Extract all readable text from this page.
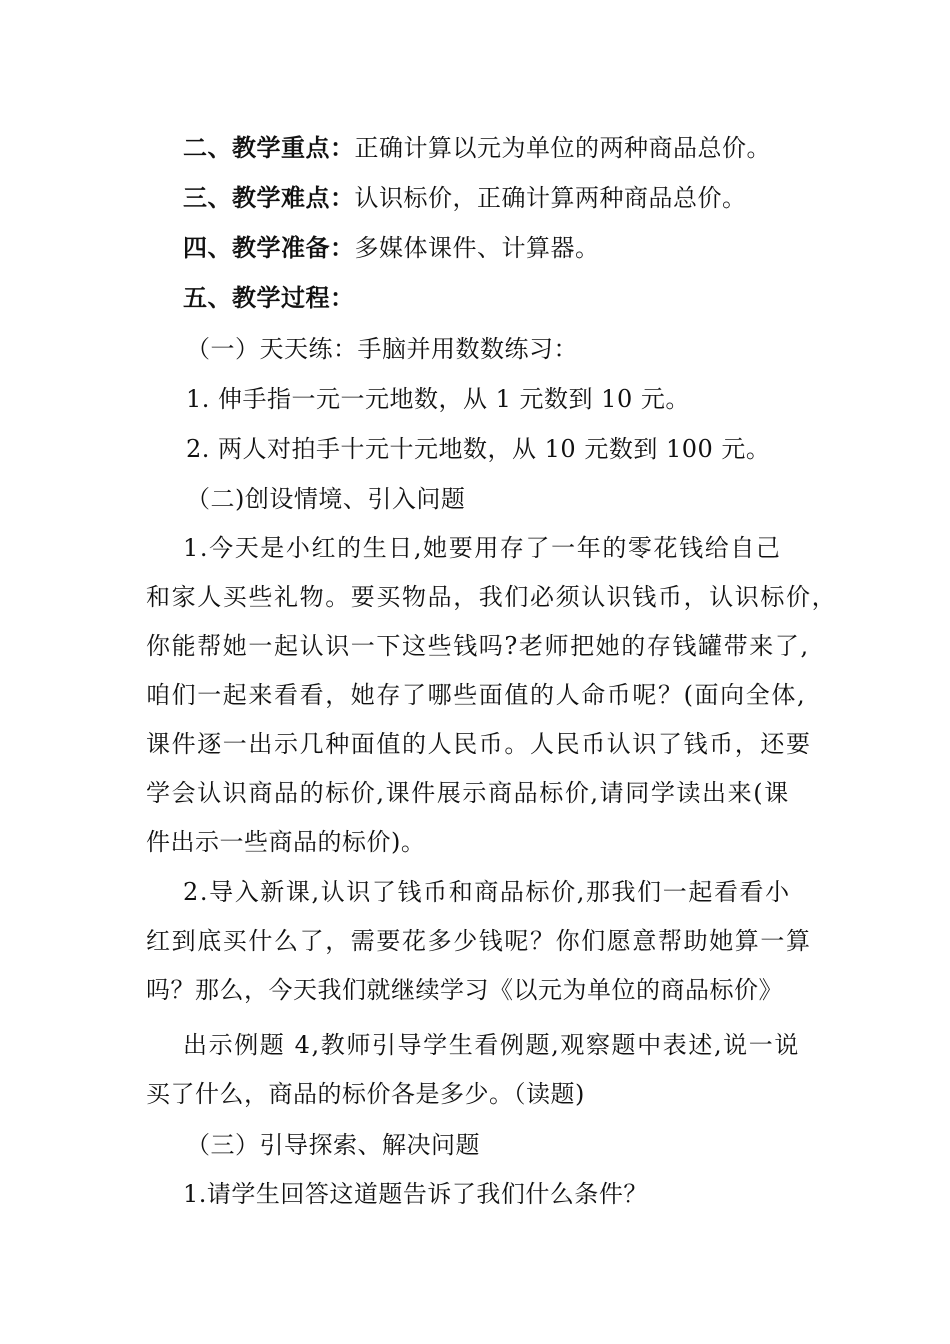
二、教学重点：正确计算以元为单位的两种商品总价。
三、教学难点：认识标价，正确计算两种商品总价。
四、教学准备：多媒体课件、计算器。
五、教学过程：
（一）天天练：手脑并用数数练习：
1. 伸手指一元一元地数，从 1 元数到 10 元。
2. 两人对拍手十元十元地数，从 10 元数到 100 元。
（二)创设情境、引入问题
1.今天是小红的生日,她要用存了一年的零花钱给自己
和家人买些礼物。要买物品，我们必须认识钱币，认识标价，
你能帮她一起认识一下这些钱吗?老师把她的存钱罐带来了,
咱们一起来看看，她存了哪些面值的人命币呢？(面向全体,
课件逐一出示几种面值的人民币。人民币认识了钱币，还要
学会认识商品的标价,课件展示商品标价,请同学读出来(课
件出示一些商品的标价)。
2.导入新课,认识了钱币和商品标价,那我们一起看看小
红到底买什么了，需要花多少钱呢？你们愿意帮助她算一算
吗？那么，今天我们就继续学习《以元为单位的商品标价》
出示例题 4,教师引导学生看例题,观察题中表述,说一说
买了什么，商品的标价各是多少。（读题)
（三）引导探索、解决问题
1.请学生回答这道题告诉了我们什么条件？
